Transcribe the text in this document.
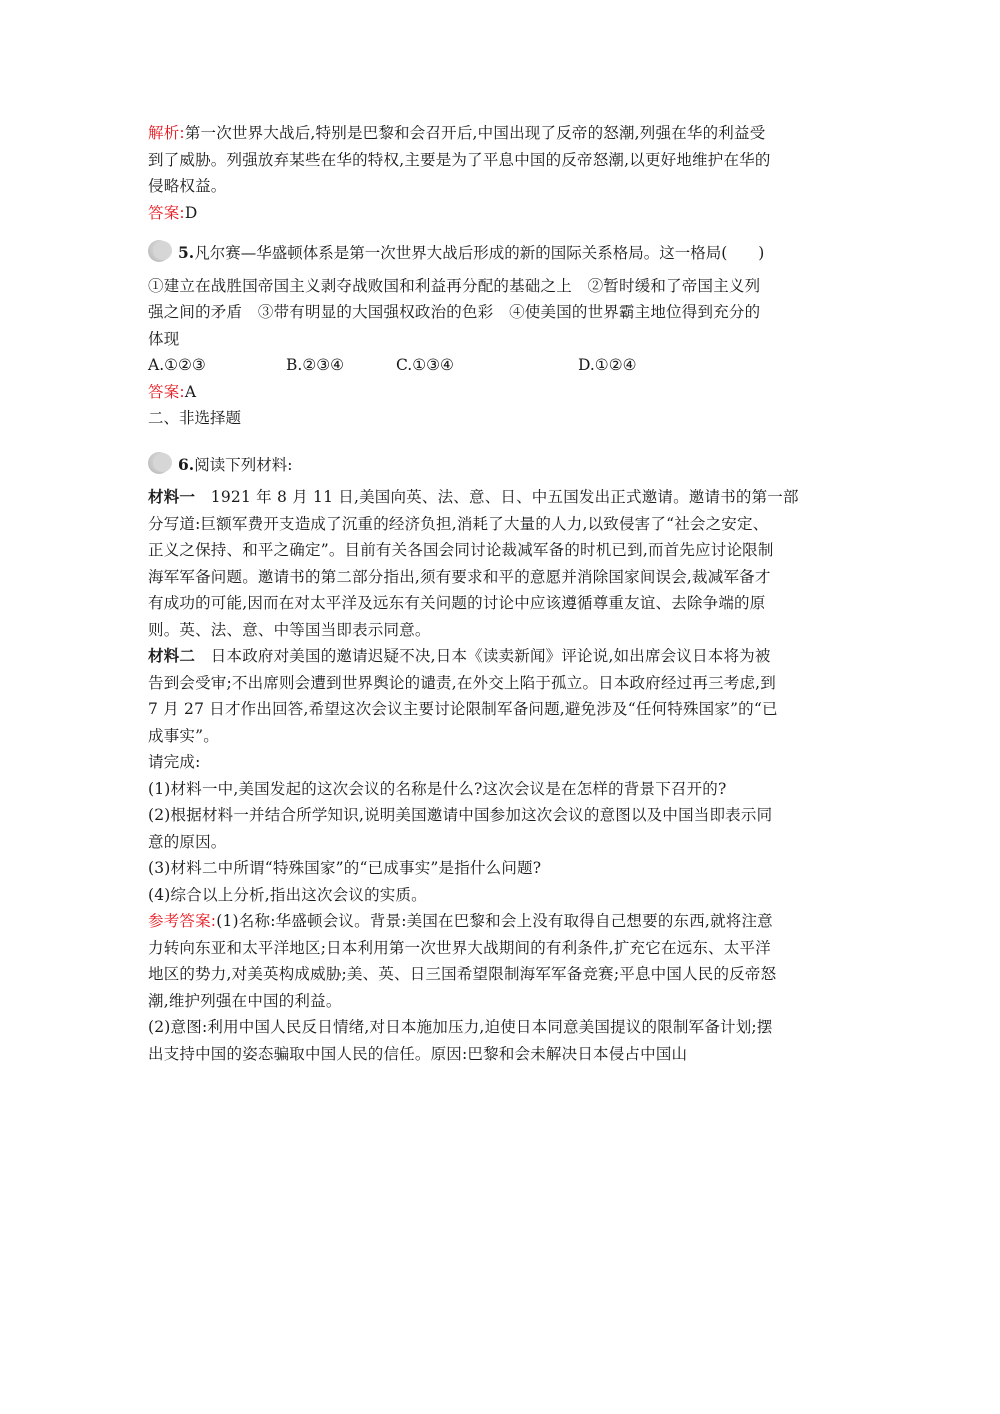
解析:第一次世界大战后,特别是巴黎和会召开后,中国出现了反帝的怒潮,列强在华的利益受
到了威胁。列强放弃某些在华的特权,主要是为了平息中国的反帝怒潮,以更好地维护在华的
侵略权益。
答案:D
5.凡尔赛—华盛顿体系是第一次世界大战后形成的新的国际关系格局。这一格局(　　)
①建立在战胜国帝国主义剥夺战败国和利益再分配的基础之上　②暂时缓和了帝国主义列
强之间的矛盾　③带有明显的大国强权政治的色彩　④使美国的世界霸主地位得到充分的
体现
A.①②③	B.②③④	C.①③④	D.①②④
答案:A
二、非选择题
6.阅读下列材料:
材料一　1921 年 8 月 11 日,美国向英、法、意、日、中五国发出正式邀请。邀请书的第一部
分写道:巨额军费开支造成了沉重的经济负担,消耗了大量的人力,以致侵害了“社会之安定、
正义之保持、和平之确定”。目前有关各国会同讨论裁减军备的时机已到,而首先应讨论限制
海军军备问题。邀请书的第二部分指出,须有要求和平的意愿并消除国家间误会,裁减军备才
有成功的可能,因而在对太平洋及远东有关问题的讨论中应该遵循尊重友谊、去除争端的原
则。英、法、意、中等国当即表示同意。
材料二　日本政府对美国的邀请迟疑不决,日本《读卖新闻》评论说,如出席会议日本将为被
告到会受审;不出席则会遭到世界舆论的谴责,在外交上陷于孤立。日本政府经过再三考虑,到
7 月 27 日才作出回答,希望这次会议主要讨论限制军备问题,避免涉及“任何特殊国家”的“已
成事实”。
请完成:
(1)材料一中,美国发起的这次会议的名称是什么?这次会议是在怎样的背景下召开的?
(2)根据材料一并结合所学知识,说明美国邀请中国参加这次会议的意图以及中国当即表示同
意的原因。
(3)材料二中所谓“特殊国家”的“已成事实”是指什么问题?
(4)综合以上分析,指出这次会议的实质。
参考答案:(1)名称:华盛顿会议。背景:美国在巴黎和会上没有取得自己想要的东西,就将注意
力转向东亚和太平洋地区;日本利用第一次世界大战期间的有利条件,扩充它在远东、太平洋
地区的势力,对美英构成威胁;美、英、日三国希望限制海军军备竞赛;平息中国人民的反帝怒
潮,维护列强在中国的利益。
(2)意图:利用中国人民反日情绪,对日本施加压力,迫使日本同意美国提议的限制军备计划;摆
出支持中国的姿态骗取中国人民的信任。原因:巴黎和会未解决日本侵占中国山
